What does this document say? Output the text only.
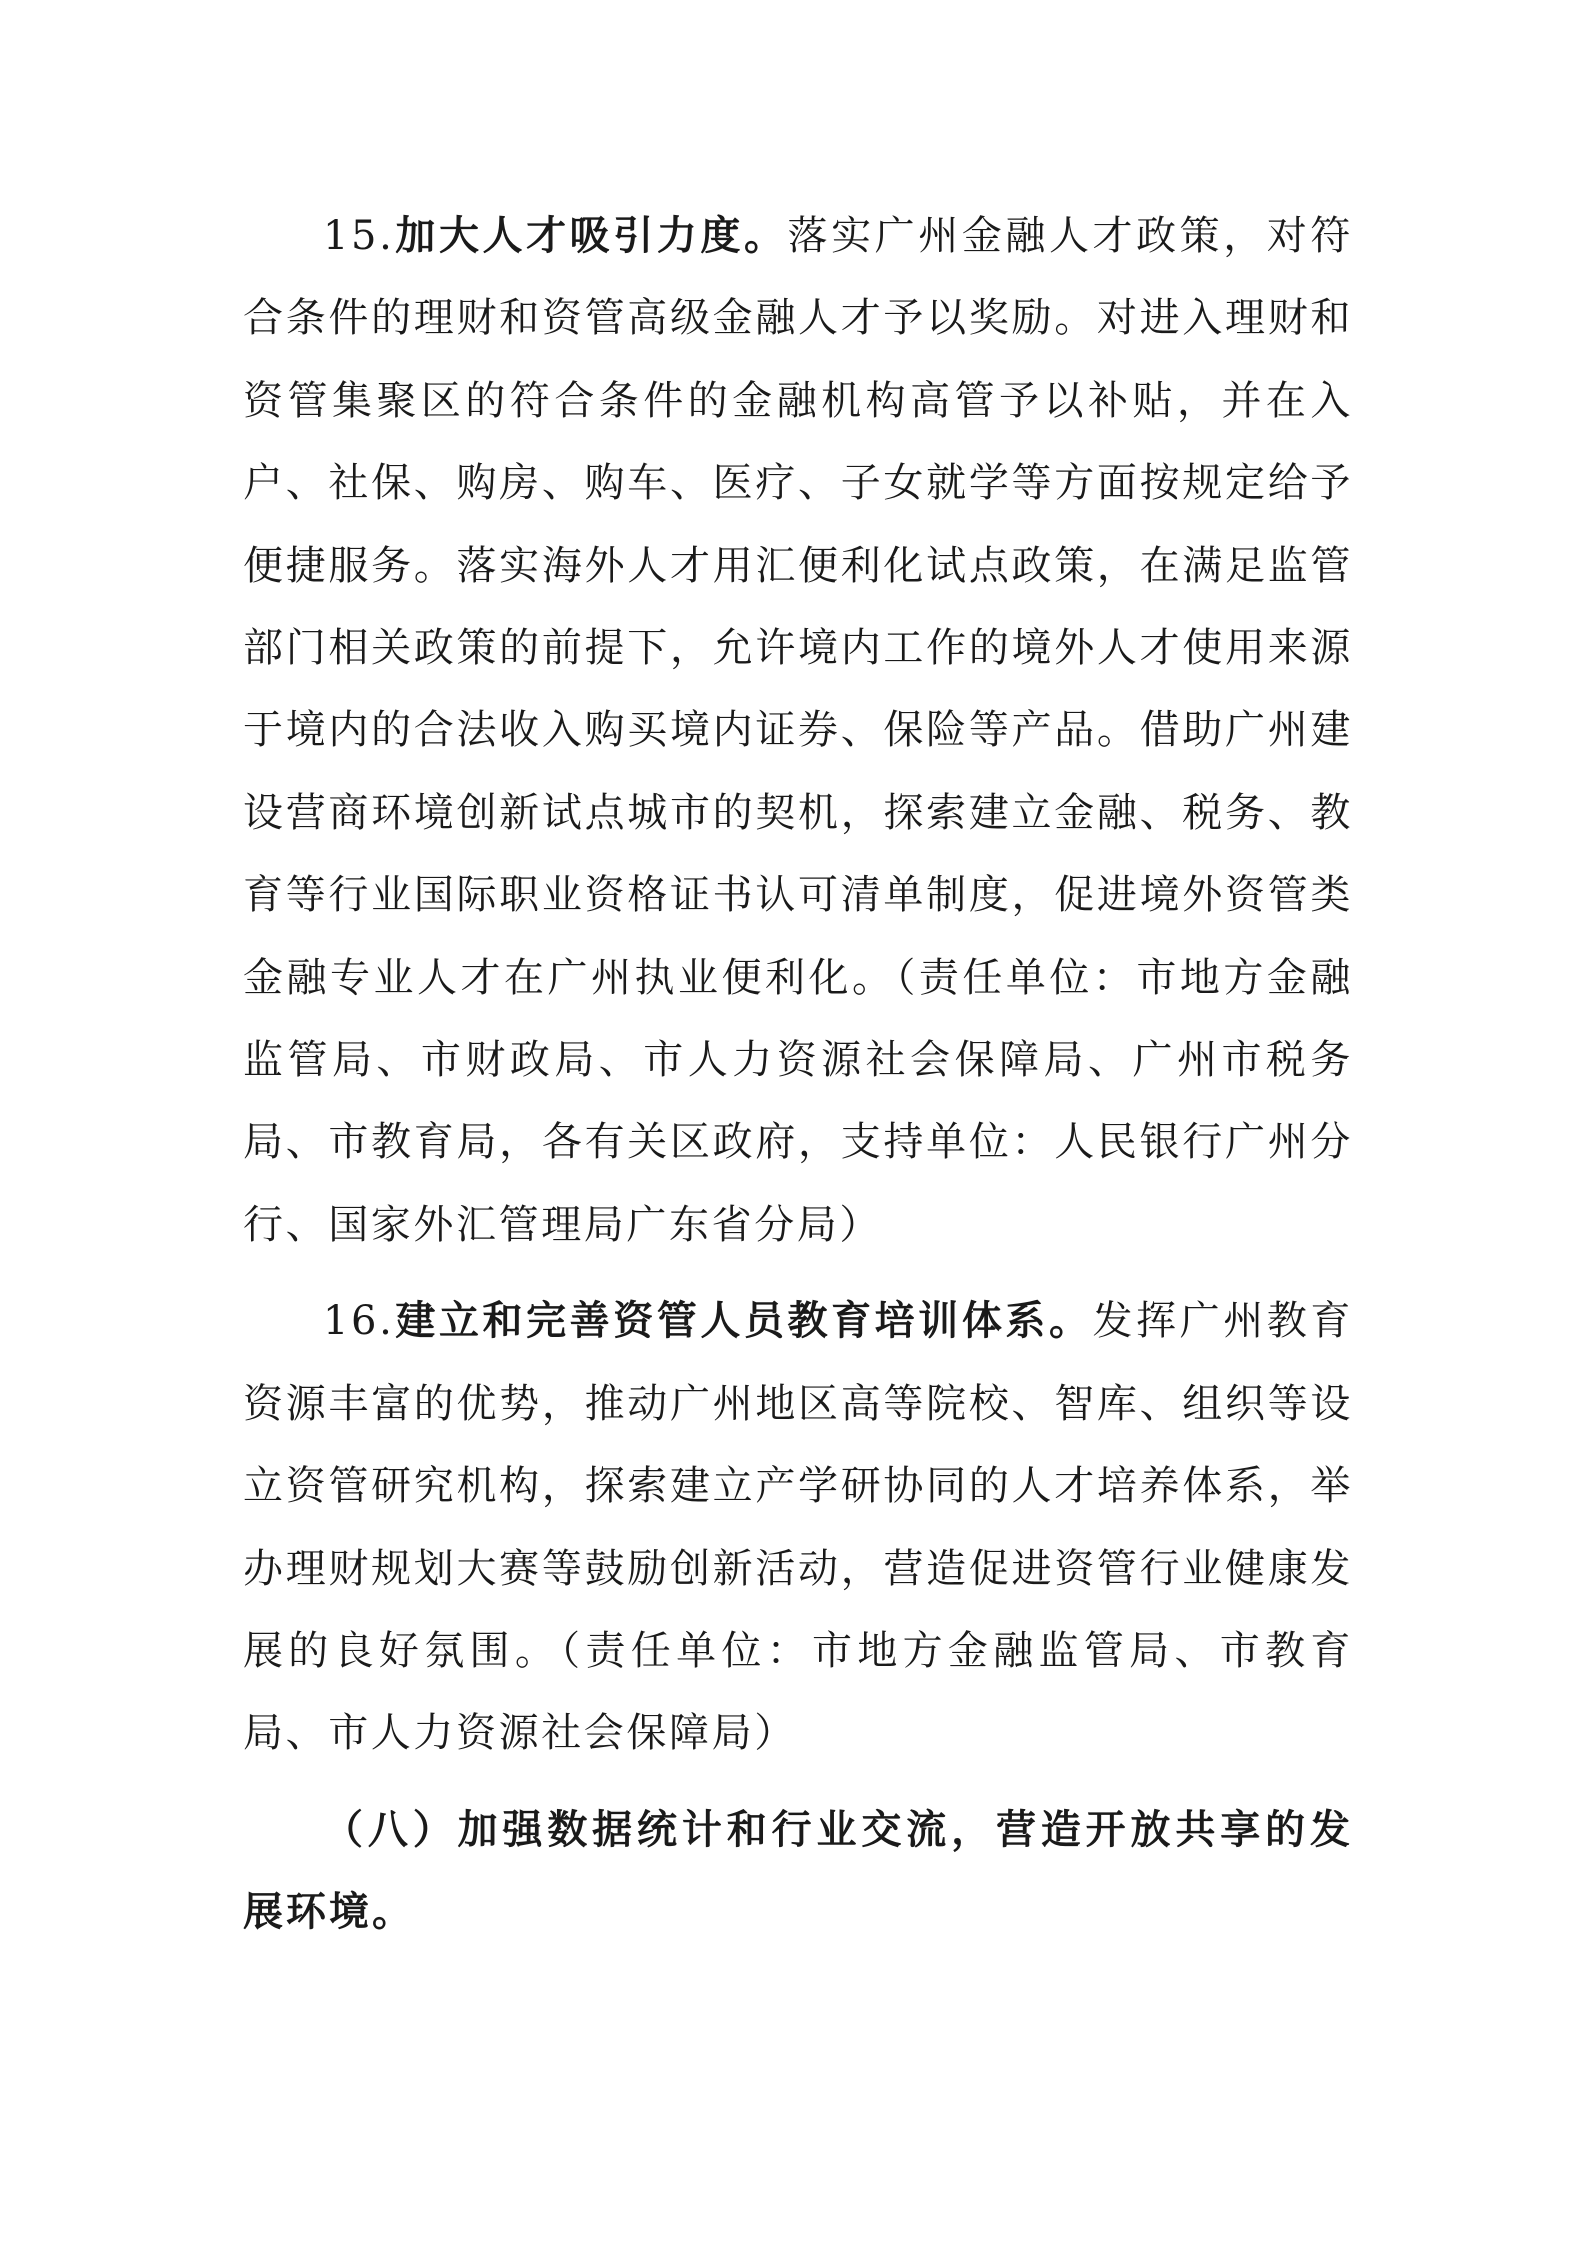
15.加大人才吸引力度。落实广州金融人才政策，对符合条件的理财和资管高级金融人才予以奖励。对进入理财和资管集聚区的符合条件的金融机构高管予以补贴，并在入户、社保、购房、购车、医疗、子女就学等方面按规定给予便捷服务。落实海外人才用汇便利化试点政策，在满足监管部门相关政策的前提下，允许境内工作的境外人才使用来源于境内的合法收入购买境内证券、保险等产品。借助广州建设营商环境创新试点城市的契机，探索建立金融、税务、教育等行业国际职业资格证书认可清单制度，促进境外资管类金融专业人才在广州执业便利化。（责任单位：市地方金融监管局、市财政局、市人力资源社会保障局、广州市税务局、市教育局，各有关区政府，支持单位：人民银行广州分行、国家外汇管理局广东省分局）

16.建立和完善资管人员教育培训体系。发挥广州教育资源丰富的优势，推动广州地区高等院校、智库、组织等设立资管研究机构，探索建立产学研协同的人才培养体系，举办理财规划大赛等鼓励创新活动，营造促进资管行业健康发展的良好氛围。（责任单位：市地方金融监管局、市教育局、市人力资源社会保障局）

（八）加强数据统计和行业交流，营造开放共享的发展环境。
